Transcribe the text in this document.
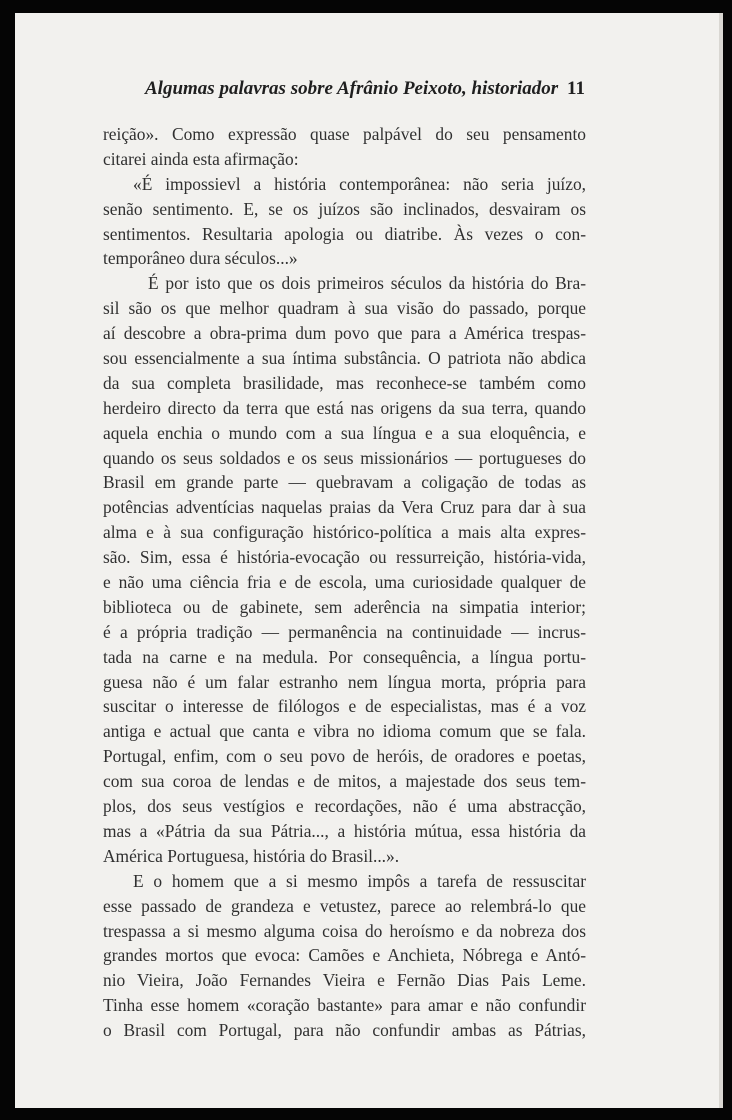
Algumas palavras sobre Afrânio Peixoto, historiador 11
reição». Como expressão quase palpável do seu pensamento
citarei ainda esta afirmação:
«É impossievl a história contemporânea: não seria juízo,
senão sentimento. E, se os juízos são inclinados, desvairam os
sentimentos. Resultaria apologia ou diatribe. Às vezes o con-
temporâneo dura séculos...»
É por isto que os dois primeiros séculos da história do Bra-
sil são os que melhor quadram à sua visão do passado, porque
aí descobre a obra-prima dum povo que para a América trespas-
sou essencialmente a sua íntima substância. O patriota não abdica
da sua completa brasilidade, mas reconhece-se também como
herdeiro directo da terra que está nas origens da sua terra, quando
aquela enchia o mundo com a sua língua e a sua eloquência, e
quando os seus soldados e os seus missionários — portugueses do
Brasil em grande parte — quebravam a coligação de todas as
potências adventícias naquelas praias da Vera Cruz para dar à sua
alma e à sua configuração histórico-política a mais alta expres-
são. Sim, essa é história-evocação ou ressurreição, história-vida,
e não uma ciência fria e de escola, uma curiosidade qualquer de
biblioteca ou de gabinete, sem aderência na simpatia interior;
é a própria tradição — permanência na continuidade — incrus-
tada na carne e na medula. Por consequência, a língua portu-
guesa não é um falar estranho nem língua morta, própria para
suscitar o interesse de filólogos e de especialistas, mas é a voz
antiga e actual que canta e vibra no idioma comum que se fala.
Portugal, enfim, com o seu povo de heróis, de oradores e poetas,
com sua coroa de lendas e de mitos, a majestade dos seus tem-
plos, dos seus vestígios e recordações, não é uma abstracção,
mas a «Pátria da sua Pátria..., a história mútua, essa história da
América Portuguesa, história do Brasil...».
E o homem que a si mesmo impôs a tarefa de ressuscitar
esse passado de grandeza e vetustez, parece ao relembrá-lo que
trespassa a si mesmo alguma coisa do heroísmo e da nobreza dos
grandes mortos que evoca: Camões e Anchieta, Nóbrega e Antó-
nio Vieira, João Fernandes Vieira e Fernão Dias Pais Leme.
Tinha esse homem «coração bastante» para amar e não confundir
o Brasil com Portugal, para não confundir ambas as Pátrias,
